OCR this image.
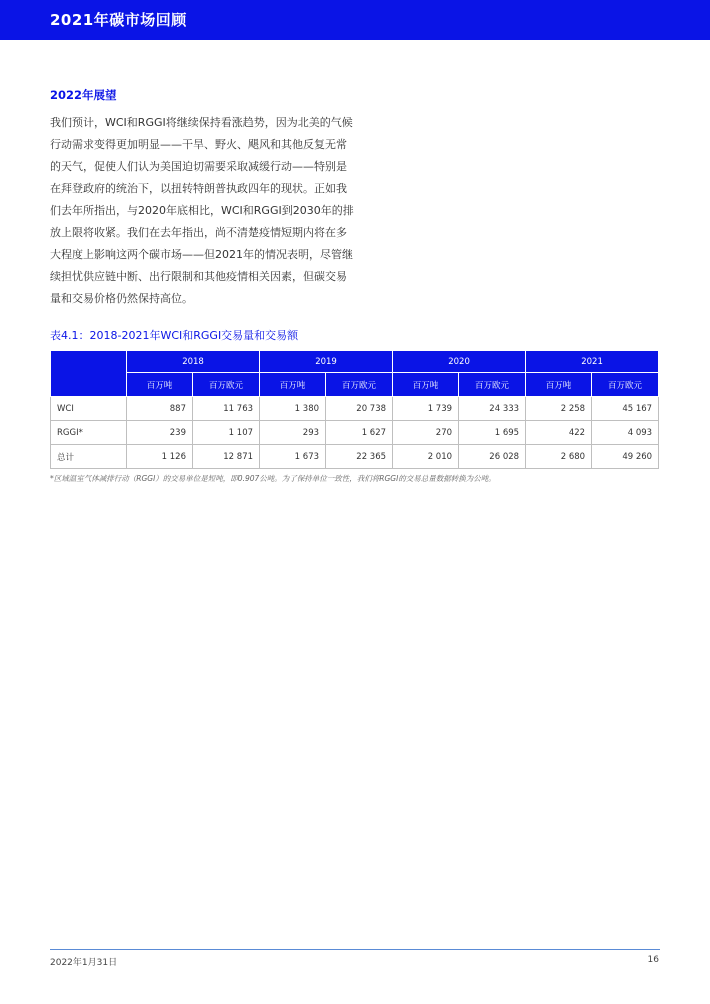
2021年碳市场回顾
2022年展望

我们预计，WCI和RGGI将继续保持看涨趋势，因为北美的气候
行动需求变得更加明显——干旱、野火、飓风和其他反复无常
的天气，促使人们认为美国迫切需要采取减缓行动——特别是
在拜登政府的统治下，以扭转特朗普执政四年的现状。正如我
们去年所指出，与2020年底相比，WCI和RGGI到2030年的排
放上限将收紧。我们在去年指出，尚不清楚疫情短期内将在多
大程度上影响这两个碳市场——但2021年的情况表明，尽管继
续担忧供应链中断、出行限制和其他疫情相关因素，但碳交易
量和交易价格仍然保持高位。

表4.1：2018-2021年WCI和RGGI交易量和交易额
	2018		2019		2020		2021	
	百万吨	百万欧元	百万吨	百万欧元	百万吨	百万欧元	百万吨	百万欧元
WCI	887	11 763	1 380	20 738	1 739	24 333	2 258	45 167
RGGI*	239	1 107	293	1 627	270	1 695	422	4 093
总计	1 126	12 871	1 673	22 365	2 010	26 028	2 680	49 260
*区域温室气体减排行动（RGGI）的交易单位是短吨，即0.907公吨。为了保持单位一致性，我们将RGGI的交易总量数据转换为公吨。
2022年1月31日	16
